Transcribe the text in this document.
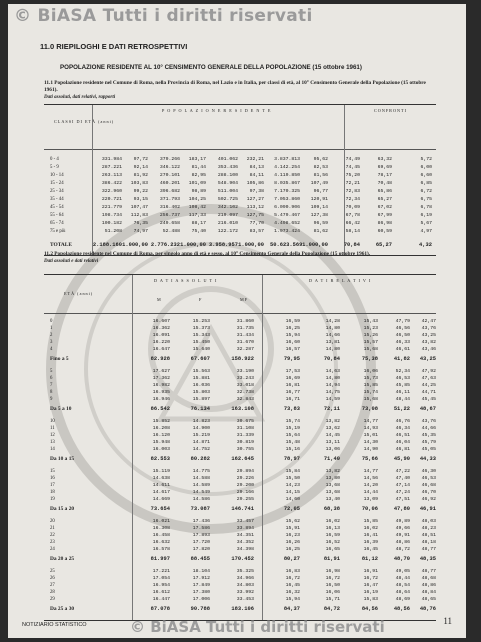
© BiASA Tutti i diritti riservati
11.0 RIEPILOGHI E DATI RETROSPETTIVI
POPOLAZIONE RESIDENTE AL 10° CENSIMENTO GENERALE DELLA POPOLAZIONE (15 ottobre 1961)
11.1 Popolazione residente nel Comune di Roma, nella Provincia di Roma, nel Lazio e in Italia, per classi di età, al 10° Censimento Generale della Popolazione (15 ottobre 1961).
Dati assoluti, dati relativi, rapporti
CLASSI DI ETÀ (anni)
P O P O L A Z I O N E R E S I D E N T E	CONFRONTI
0 - 4	331.984	97,72	379.266	183,17	401.062	232,21	3.837.813	95,62	74,49	63,32	5,72
5 - 9	287.221	92,14	346.122	81,44	353.436	84,13	4.142.254	82,53	74,45	69,69	6,00
10 - 14	263.113	81,92	270.101	82,95	288.100	84,11	4.119.850	81,56	75,20	78,17	6,60
15 - 24	386.422	103,83	460.201	101,09	548.904	105,86	8.035.867	107,49	72,21	70,48	6,85
25 - 34	322.960	99,22	396.682	98,89	511.004	97,38	7.170.325	96,77	72,83	65,86	6,72
35 - 44	220.721	93,15	371.793	104,25	502.725	127,27	7.053.860	120,91	72,34	65,27	6,75
45 - 54	221.779	107,47	316.402	108,42	342.102	113,12	6.090.906	109,14	70,09	67,02	6,78
55 - 64	198.734	112,83	256.737	117,33	219.097	127,75	5.479.467	127,38	67,78	67,99	6,19
65 - 74	100.182	76,35	249.658	88,17	216.010	77,70	4.498.652	96,59	66,42	86,98	5,67
75 e più	51.208	74,97	52.488	75,40	122.172	83,57	1.973.424	81,62	58,14	60,59	4,97
TOTALE	2.188.160 1.000,00 2.776.232 1.000,00 3.958.957 1.000,00 50.623.569 1.000,00	70,84	65,27	4,32
11.2 Popolazione residente nel Comune di Roma, per singolo anno di età e sesso, al 10° Censimento Generale della Popolazione (15 ottobre 1961).
Dati assoluti e dati relativi
ETÀ (anni)
D A T I A S S O L U T I	D A T I R E L A T I V I
M	F	MF
0	16.607	15.253	31.860	16,59	14,28	15,43	47,79	42,47
1	16.362	15.373	31.735	16,25	14,80	15,23	46,56	43,76
2	16.091	15.343	31.434	15,94	14,66	15,26	46,50	43,25
3	16.220	15.450	31.670	16,60	13,81	15,57	46,33	43,82
4	16.647	15.640	32.287	16,57	14,80	15,68	46,61	43,46
Fino a 5	82.928	67.607	158.922	79,95	70,84	75,38	41,82	43,25
5	17.627	15.563	33.190	17,53	14,63	16,06	52,34	47,92
6	17.362	15.881	33.243	16,69	14,80	15,73	46,53	47,63
7	16.982	16.036	33.018	16,81	14,94	15,85	45,85	44,25
8	16.935	15.803	32.738	16,77	14,75	15,74	46,11	44,71
9	16.946	15.897	32.843	16,71	14,59	15,68	48,44	45,45
Da 5 a 10	86.542	76.134	163.108	73,83	72,11	73,08	51,22	48,67
10	15.852	14.823	30.675	15,74	13,82	14,77	46,76	43,76
11	16.208	14.900	31.108	15,19	13,62	14,93	46,34	44,66
12	16.120	15.219	31.339	15,64	14,45	15,01	46,51	45,35
13	15.948	14.871	30.819	15,48	13,11	14,30	46,04	45,79
14	16.003	14.752	30.755	15,16	13,06	14,90	46,81	45,05
Da 10 a 15	82.553	80.282	162.645	78,97	71,40	75,66	45,90	44,33
15	15.119	14.775	29.894	15,84	13,82	14,77	47,22	46,30
16	14.638	14.588	29.226	15,50	13,80	14,56	47,40	46,53
17	14.611	14.589	29.200	14,23	13,68	14,20	47,14	46,68
18	14.617	14.549	29.166	14,15	13,68	14,44	47,24	46,70
19	14.669	14.586	29.255	14,60	13,40	13,09	47,51	46,92
Da 15 a 20	73.654	73.087	146.741	72,05	68,38	70,06	47,80	46,91
20	16.021	17.436	33.457	15,62	16,02	15,85	49,89	48,03
21	16.308	17.586	33.894	15,91	16,13	16,02	49,66	48,23
22	16.458	17.893	34.351	16,23	16,59	16,41	49,91	48,51
23	16.632	17.720	34.352	16,26	16,52	16,39	48,86	48,18
24	16.578	17.820	34.398	16,25	16,65	16,45	48,72	48,77
Da 20 a 25	81.997	88.455	170.452	80,27	81,91	81,12	48,70	48,35
25	17.221	18.104	35.325	16,83	16,98	16,91	49,05	48,77
26	17.054	17.912	34.966	16,72	16,72	16,72	48,44	48,68
27	16.954	17.849	34.803	16,45	16,50	16,47	48,54	48,86
28	16.612	17.380	33.992	16,32	16,06	16,19	48,64	48,84
29	16.447	17.006	33.453	15,94	15,71	15,83	48,69	48,65
Da 25 a 30	87.078	90.788	183.106	84,37	84,72	84,56	48,56	48,76
NOTIZIARIO STATISTICO	11
© BiASA Tutti i diritti riservati
